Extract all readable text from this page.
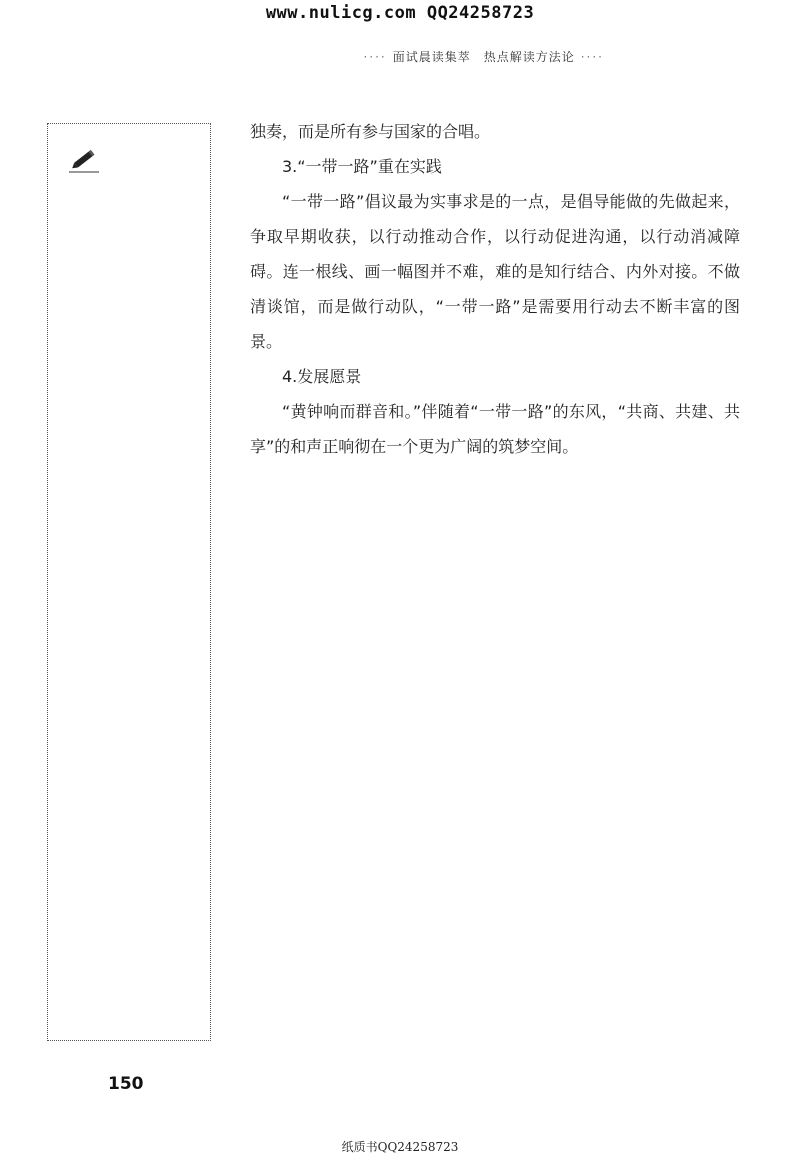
www.nulicg.com QQ24258723
···· 面试晨读集萃　热点解读方法论 ····

独奏，而是所有参与国家的合唱。

3.“一带一路”重在实践

“一带一路”倡议最为实事求是的一点，是倡导能做的先做起来，争取早期收获，以行动推动合作，以行动促进沟通，以行动消减障碍。连一根线、画一幅图并不难，难的是知行结合、内外对接。不做清谈馆，而是做行动队，“一带一路”是需要用行动去不断丰富的图景。

4.发展愿景

“黄钟响而群音和。”伴随着“一带一路”的东风，“共商、共建、共享”的和声正响彻在一个更为广阔的筑梦空间。

150
纸质书QQ24258723
